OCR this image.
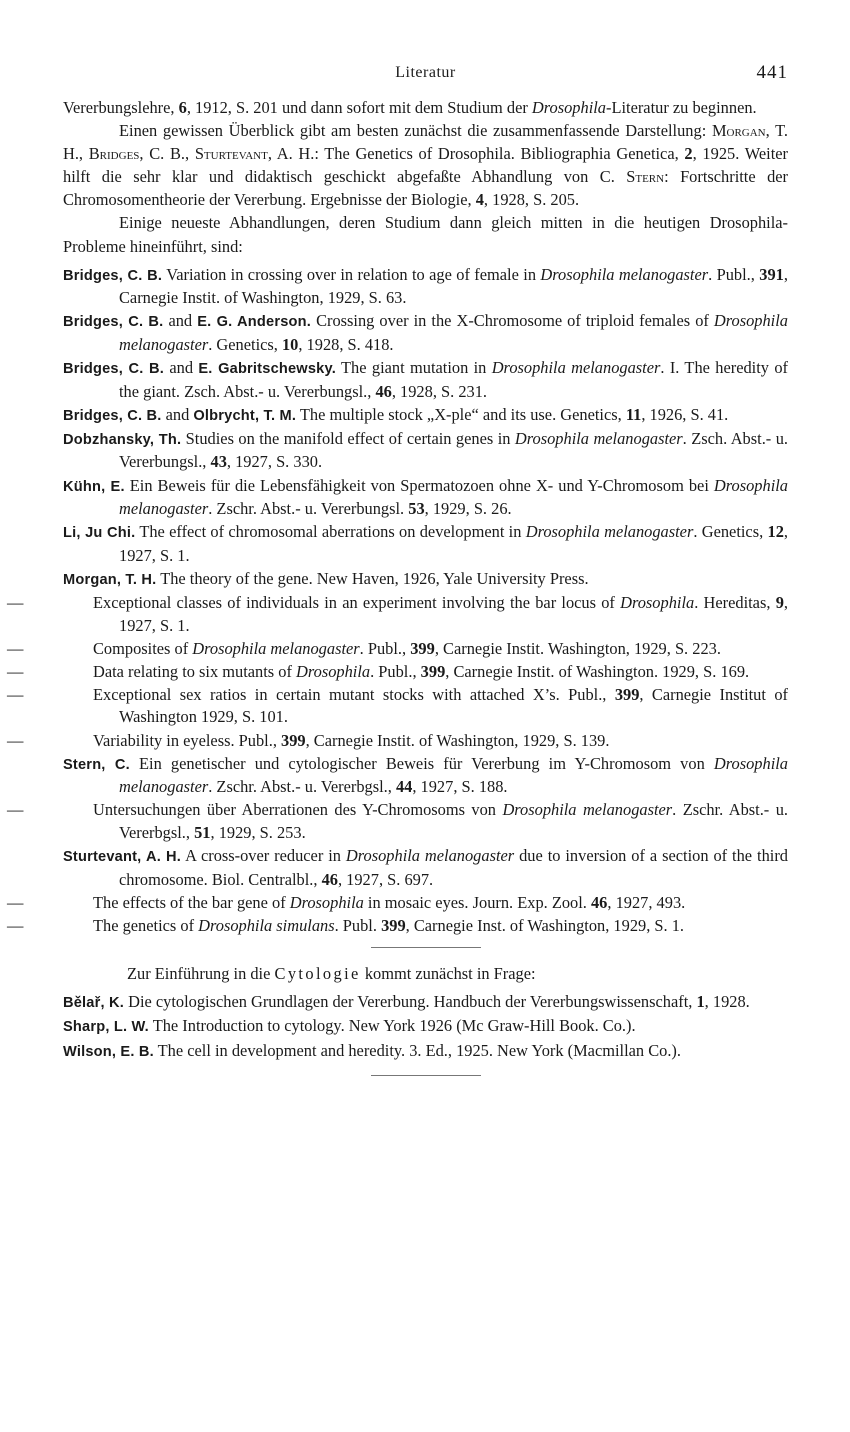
Literatur	441

Vererbungslehre, 6, 1912, S. 201 und dann sofort mit dem Studium der Drosophila-Literatur zu beginnen.

Einen gewissen Überblick gibt am besten zunächst die zusammenfassende Darstellung: Morgan, T. H., Bridges, C. B., Sturtevant, A. H.: The Genetics of Drosophila. Bibliographia Genetica, 2, 1925. Weiter hilft die sehr klar und didaktisch geschickt abgefaßte Abhandlung von C. Stern: Fortschritte der Chromosomentheorie der Vererbung. Ergebnisse der Biologie, 4, 1928, S. 205.

Einige neueste Abhandlungen, deren Studium dann gleich mitten in die heutigen Drosophila-Probleme hineinführt, sind:

Bridges, C. B. Variation in crossing over in relation to age of female in Drosophila melanogaster. Publ., 391, Carnegie Instit. of Washington, 1929, S. 63.
Bridges, C. B. and E. G. Anderson. Crossing over in the X-Chromosome of triploid females of Drosophila melanogaster. Genetics, 10, 1928, S. 418.
Bridges, C. B. and E. Gabritschewsky. The giant mutation in Drosophila melanogaster. I. The heredity of the giant. Zsch. Abst.- u. Vererbungsl., 46, 1928, S. 231.
Bridges, C. B. and Olbrycht, T. M. The multiple stock „X-ple“ and its use. Genetics, 11, 1926, S. 41.
Dobzhansky, Th. Studies on the manifold effect of certain genes in Drosophila melanogaster. Zsch. Abst.- u. Vererbungsl., 43, 1927, S. 330.
Kühn, E. Ein Beweis für die Lebensfähigkeit von Spermatozoen ohne X- und Y-Chromosom bei Drosophila melanogaster. Zschr. Abst.- u. Vererbungsl. 53, 1929, S. 26.
Li, Ju Chi. The effect of chromosomal aberrations on development in Drosophila melanogaster. Genetics, 12, 1927, S. 1.
Morgan, T. H. The theory of the gene. New Haven, 1926, Yale University Press.
—	Exceptional classes of individuals in an experiment involving the bar locus of Drosophila. Hereditas, 9, 1927, S. 1.
—	Composites of Drosophila melanogaster. Publ., 399, Carnegie Instit. Washington, 1929, S. 223.
—	Data relating to six mutants of Drosophila. Publ., 399, Carnegie Instit. of Washington. 1929, S. 169.
—	Exceptional sex ratios in certain mutant stocks with attached X’s. Publ., 399, Carnegie Institut of Washington 1929, S. 101.
—	Variability in eyeless. Publ., 399, Carnegie Instit. of Washington, 1929, S. 139.
Stern, C. Ein genetischer und cytologischer Beweis für Vererbung im Y-Chromosom von Drosophila melanogaster. Zschr. Abst.- u. Vererbgsl., 44, 1927, S. 188.
—	Untersuchungen über Aberrationen des Y-Chromosoms von Drosophila melanogaster. Zschr. Abst.- u. Vererbgsl., 51, 1929, S. 253.
Sturtevant, A. H. A cross-over reducer in Drosophila melanogaster due to inversion of a section of the third chromosome. Biol. Centralbl., 46, 1927, S. 697.
—	The effects of the bar gene of Drosophila in mosaic eyes. Journ. Exp. Zool. 46, 1927, 493.
—	The genetics of Drosophila simulans. Publ. 399, Carnegie Inst. of Washington, 1929, S. 1.
Zur Einführung in die Cytologie kommt zunächst in Frage:
Bělař, K. Die cytologischen Grundlagen der Vererbung. Handbuch der Vererbungswissenschaft, 1, 1928.
Sharp, L. W. The Introduction to cytology. New York 1926 (Mc Graw-Hill Book. Co.).
Wilson, E. B. The cell in development and heredity. 3. Ed., 1925. New York (Macmillan Co.).
